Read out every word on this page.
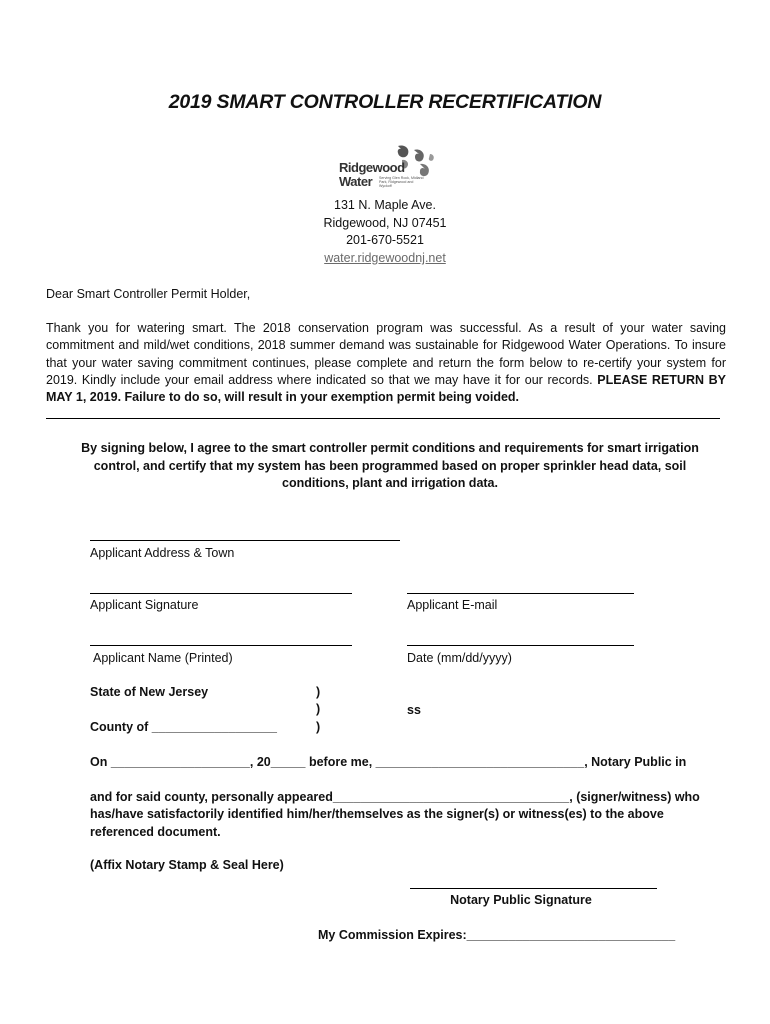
2019 SMART CONTROLLER RECERTIFICATION
Ridgewood
Water Serving Glen Rock, Midland Park, Ridgewood and Wyckoff
131 N. Maple Ave.
Ridgewood, NJ 07451
201-670-5521
water.ridgewoodnj.net
Dear Smart Controller Permit Holder,
Thank you for watering smart. The 2018 conservation program was successful. As a result of your water saving commitment and mild/wet conditions, 2018 summer demand was sustainable for Ridgewood Water Operations. To insure that your water saving commitment continues, please complete and return the form below to re-certify your system for 2019. Kindly include your email address where indicated so that we may have it for our records. PLEASE RETURN BY MAY 1, 2019. Failure to do so, will result in your exemption permit being voided.
By signing below, I agree to the smart controller permit conditions and requirements for smart irrigation control, and certify that my system has been programmed based on proper sprinkler head data, soil conditions, plant and irrigation data.
Applicant Address & Town
Applicant Signature	Applicant E-mail
Applicant Name (Printed)	Date (mm/dd/yyyy)
State of New Jersey	)
)	ss
County of __________________	)
On ____________________, 20_____ before me, ______________________________, Notary Public in
and for said county, personally appeared__________________________________, (signer/witness) who has/have satisfactorily identified him/her/themselves as the signer(s) or witness(es) to the above referenced document.
(Affix Notary Stamp & Seal Here)
Notary Public Signature
My Commission Expires:______________________________
